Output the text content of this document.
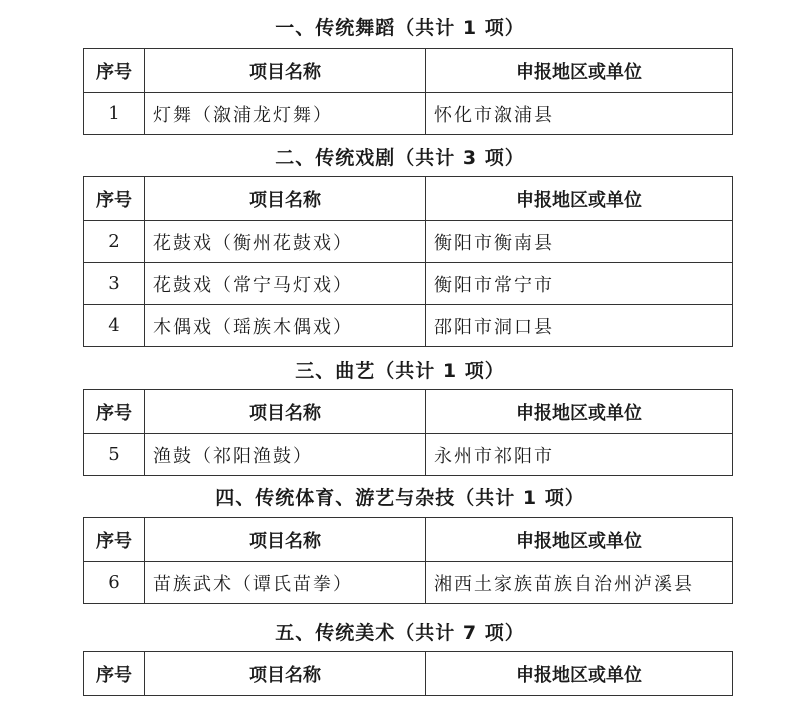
一、传统舞蹈（共计 1 项）
序号	项目名称	申报地区或单位
1	灯舞（溆浦龙灯舞）	怀化市溆浦县
二、传统戏剧（共计 3 项）
序号	项目名称	申报地区或单位
2	花鼓戏（衡州花鼓戏）	衡阳市衡南县
3	花鼓戏（常宁马灯戏）	衡阳市常宁市
4	木偶戏（瑶族木偶戏）	邵阳市洞口县
三、曲艺（共计 1 项）
序号	项目名称	申报地区或单位
5	渔鼓（祁阳渔鼓）	永州市祁阳市
四、传统体育、游艺与杂技（共计 1 项）
序号	项目名称	申报地区或单位
6	苗族武术（谭氏苗拳）	湘西土家族苗族自治州泸溪县
五、传统美术（共计 7 项）
序号	项目名称	申报地区或单位
